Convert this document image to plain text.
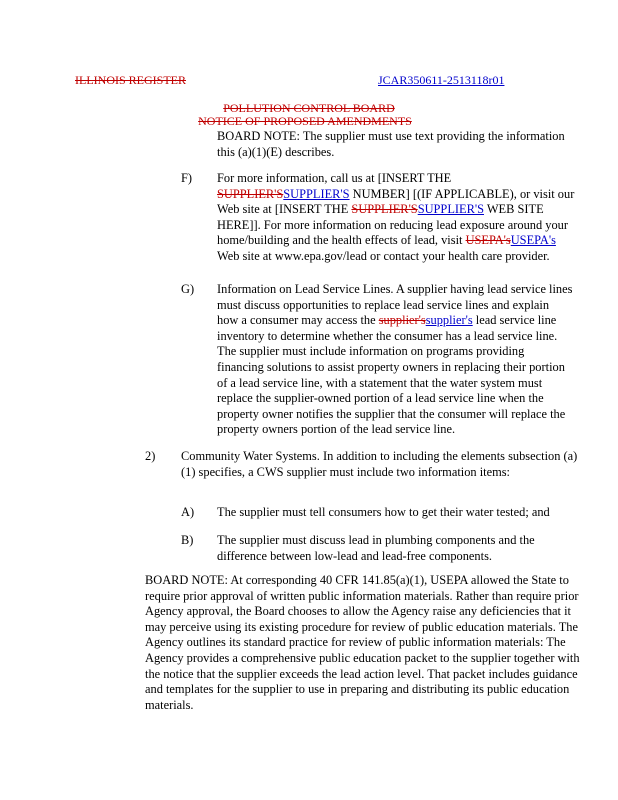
ILLINOIS REGISTER	JCAR350611-2513118r01
POLLUTION CONTROL BOARD
NOTICE OF PROPOSED AMENDMENTS
BOARD NOTE: The supplier must use text providing the information this (a)(1)(E) describes.
F) For more information, call us at [INSERT THE
SUPPLIER'SSUPPLIER'S NUMBER] [(IF APPLICABLE), or visit our Web site at [INSERT THE SUPPLIER'SSUPPLIER'S WEB SITE HERE]]. For more information on reducing lead exposure around your home/building and the health effects of lead, visit USEPA'sUSEPA's Web site at www.epa.gov/lead or contact your health care provider.
G) Information on Lead Service Lines. A supplier having lead service lines must discuss opportunities to replace lead service lines and explain how a consumer may access the supplier'ssupplier's lead service line inventory to determine whether the consumer has a lead service line. The supplier must include information on programs providing financing solutions to assist property owners in replacing their portion of a lead service line, with a statement that the water system must replace the supplier-owned portion of a lead service line when the property owner notifies the supplier that the consumer will replace the property owners portion of the lead service line.
2) Community Water Systems. In addition to including the elements subsection (a)(1) specifies, a CWS supplier must include two information items:
A) The supplier must tell consumers how to get their water tested; and
B) The supplier must discuss lead in plumbing components and the difference between low-lead and lead-free components.
BOARD NOTE: At corresponding 40 CFR 141.85(a)(1), USEPA allowed the State to require prior approval of written public information materials. Rather than require prior Agency approval, the Board chooses to allow the Agency raise any deficiencies that it may perceive using its existing procedure for review of public education materials. The Agency outlines its standard practice for review of public information materials: The Agency provides a comprehensive public education packet to the supplier together with the notice that the supplier exceeds the lead action level. That packet includes guidance and templates for the supplier to use in preparing and distributing its public education materials.
